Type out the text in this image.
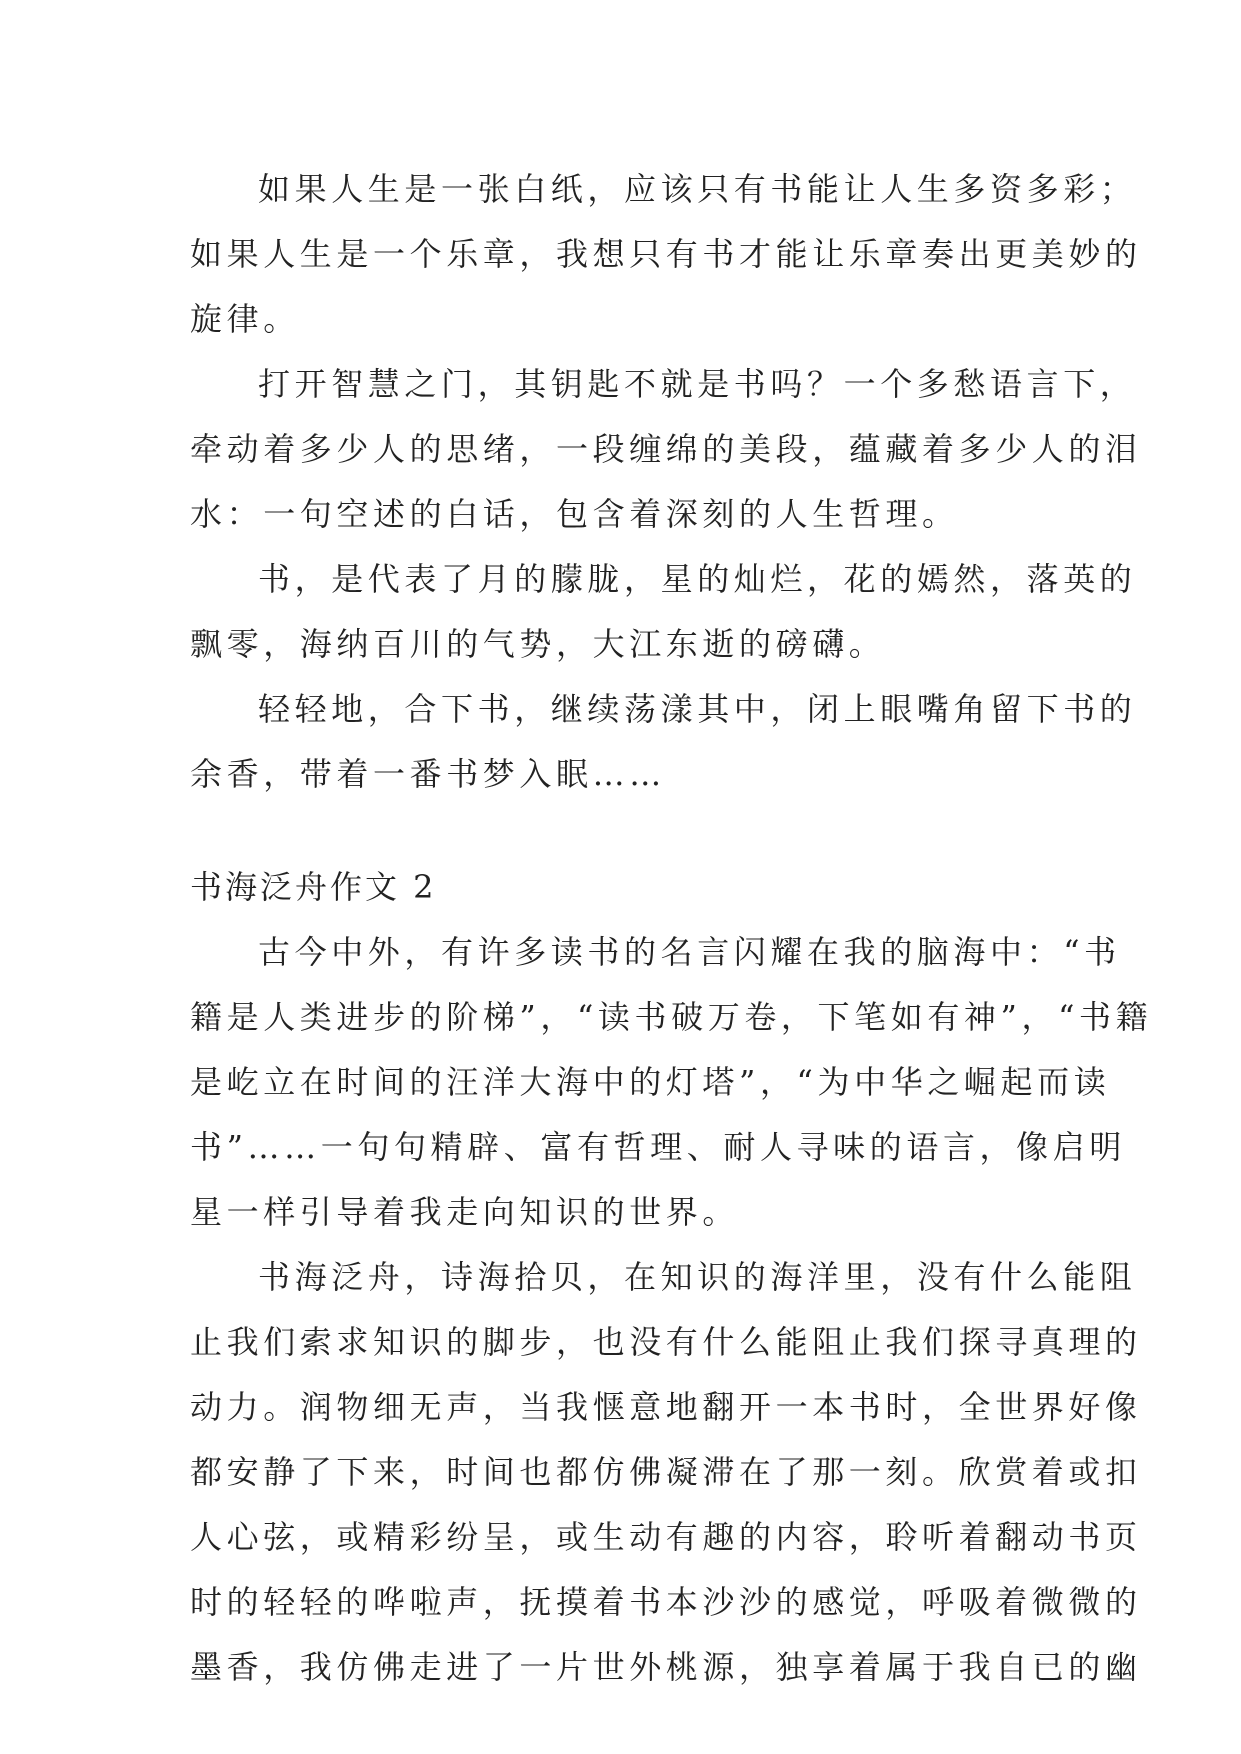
如果人生是一张白纸，应该只有书能让人生多资多彩；
如果人生是一个乐章，我想只有书才能让乐章奏出更美妙的
旋律。
打开智慧之门，其钥匙不就是书吗？一个多愁语言下，
牵动着多少人的思绪，一段缠绵的美段，蕴藏着多少人的泪
水：一句空述的白话，包含着深刻的人生哲理。
书，是代表了月的朦胧，星的灿烂，花的嫣然，落英的
飘零，海纳百川的气势，大江东逝的磅礴。
轻轻地，合下书，继续荡漾其中，闭上眼嘴角留下书的
余香，带着一番书梦入眠……
书海泛舟作文 2
古今中外，有许多读书的名言闪耀在我的脑海中：“书
籍是人类进步的阶梯”，“读书破万卷，下笔如有神”，“书籍
是屹立在时间的汪洋大海中的灯塔”，“为中华之崛起而读
书”……一句句精辟、富有哲理、耐人寻味的语言，像启明
星一样引导着我走向知识的世界。
书海泛舟，诗海拾贝，在知识的海洋里，没有什么能阻
止我们索求知识的脚步，也没有什么能阻止我们探寻真理的
动力。润物细无声，当我惬意地翻开一本书时，全世界好像
都安静了下来，时间也都仿佛凝滞在了那一刻。欣赏着或扣
人心弦，或精彩纷呈，或生动有趣的内容，聆听着翻动书页
时的轻轻的哗啦声，抚摸着书本沙沙的感觉，呼吸着微微的
墨香，我仿佛走进了一片世外桃源，独享着属于我自已的幽
